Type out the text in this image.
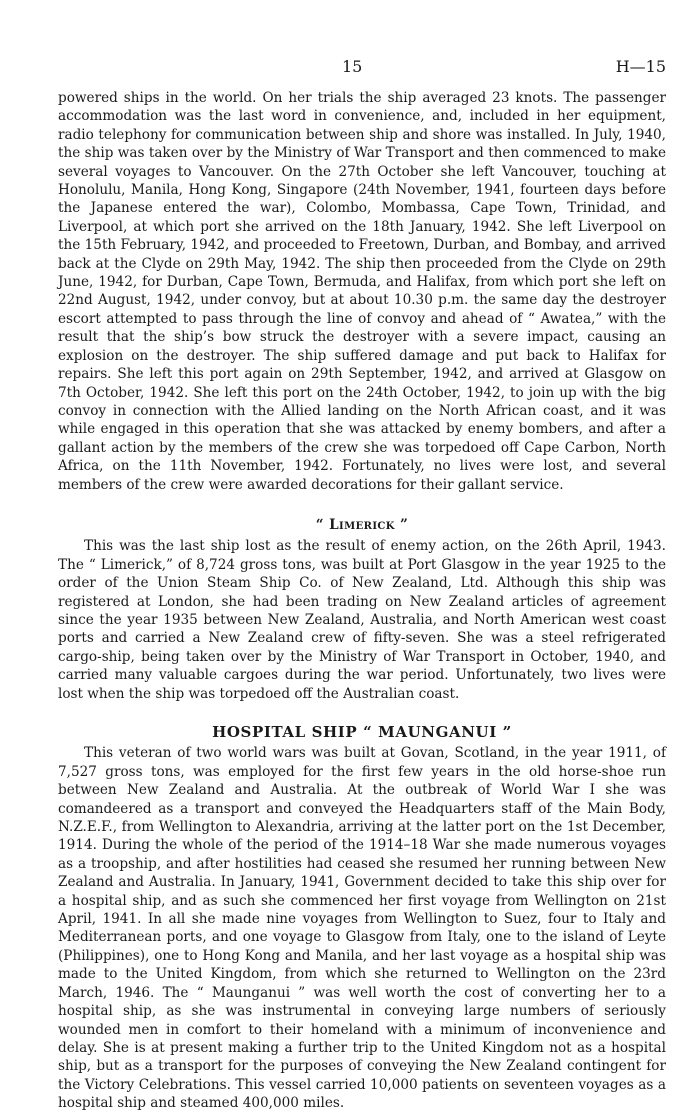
15	H—15

powered ships in the world. On her trials the ship averaged 23 knots. The passenger accommodation was the last word in convenience, and, included in her equipment, radio telephony for communication between ship and shore was installed. In July, 1940, the ship was taken over by the Ministry of War Transport and then commenced to make several voyages to Vancouver. On the 27th October she left Vancouver, touching at Honolulu, Manila, Hong Kong, Singapore (24th November, 1941, fourteen days before the Japanese entered the war), Colombo, Mombassa, Cape Town, Trinidad, and Liverpool, at which port she arrived on the 18th January, 1942. She left Liverpool on the 15th February, 1942, and proceeded to Freetown, Durban, and Bombay, and arrived back at the Clyde on 29th May, 1942. The ship then proceeded from the Clyde on 29th June, 1942, for Durban, Cape Town, Bermuda, and Halifax, from which port she left on 22nd August, 1942, under convoy, but at about 10.30 p.m. the same day the destroyer escort attempted to pass through the line of convoy and ahead of “ Awatea,” with the result that the ship’s bow struck the destroyer with a severe impact, causing an explosion on the destroyer. The ship suffered damage and put back to Halifax for repairs. She left this port again on 29th September, 1942, and arrived at Glasgow on 7th October, 1942. She left this port on the 24th October, 1942, to join up with the big convoy in connection with the Allied landing on the North African coast, and it was while engaged in this operation that she was attacked by enemy bombers, and after a gallant action by the members of the crew she was torpedoed off Cape Carbon, North Africa, on the 11th November, 1942. Fortunately, no lives were lost, and several members of the crew were awarded decorations for their gallant service.

“ Limerick ”

This was the last ship lost as the result of enemy action, on the 26th April, 1943. The “ Limerick,” of 8,724 gross tons, was built at Port Glasgow in the year 1925 to the order of the Union Steam Ship Co. of New Zealand, Ltd. Although this ship was registered at London, she had been trading on New Zealand articles of agreement since the year 1935 between New Zealand, Australia, and North American west coast ports and carried a New Zealand crew of fifty-seven. She was a steel refrigerated cargo-ship, being taken over by the Ministry of War Transport in October, 1940, and carried many valuable cargoes during the war period. Unfortunately, two lives were lost when the ship was torpedoed off the Australian coast.

HOSPITAL SHIP “ MAUNGANUI ”

This veteran of two world wars was built at Govan, Scotland, in the year 1911, of 7,527 gross tons, was employed for the first few years in the old horse-shoe run between New Zealand and Australia. At the outbreak of World War I she was comandeered as a transport and conveyed the Headquarters staff of the Main Body, N.Z.E.F., from Wellington to Alexandria, arriving at the latter port on the 1st December, 1914. During the whole of the period of the 1914–18 War she made numerous voyages as a troopship, and after hostilities had ceased she resumed her running between New Zealand and Australia. In January, 1941, Government decided to take this ship over for a hospital ship, and as such she commenced her first voyage from Wellington on 21st April, 1941. In all she made nine voyages from Wellington to Suez, four to Italy and Mediterranean ports, and one voyage to Glasgow from Italy, one to the island of Leyte (Philippines), one to Hong Kong and Manila, and her last voyage as a hospital ship was made to the United Kingdom, from which she returned to Wellington on the 23rd March, 1946. The “ Maunganui ” was well worth the cost of converting her to a hospital ship, as she was instrumental in conveying large numbers of seriously wounded men in comfort to their homeland with a minimum of inconvenience and delay. She is at present making a further trip to the United Kingdom not as a hospital ship, but as a transport for the purposes of conveying the New Zealand contingent for the Victory Celebrations. This vessel carried 10,000 patients on seventeen voyages as a hospital ship and steamed 400,000 miles.
